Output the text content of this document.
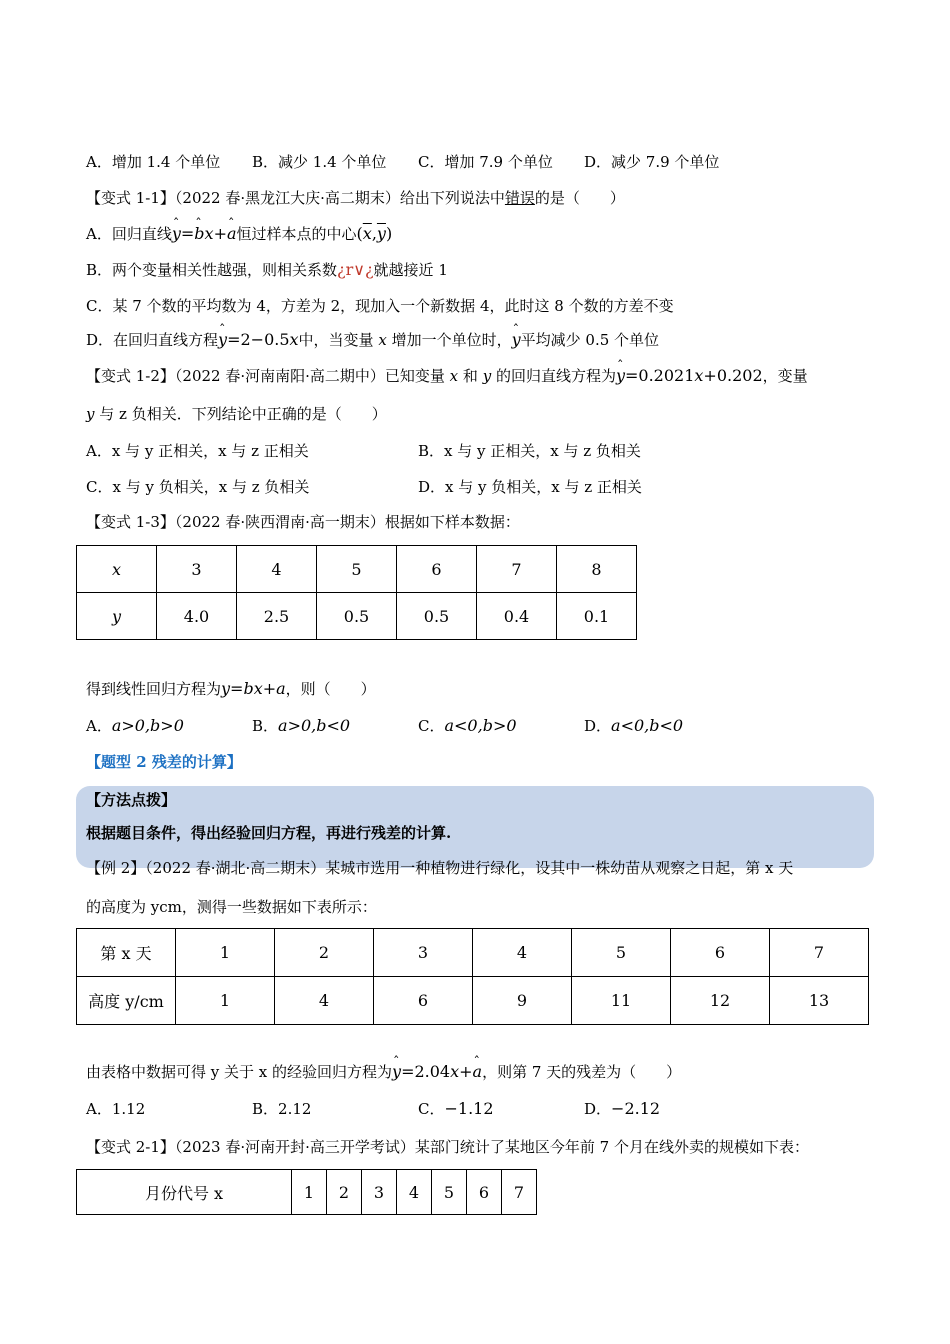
A．增加 1.4 个单位 B．减少 1.4 个单位 C．增加 7.9 个单位 D．减少 7.9 个单位
【变式 1-1】（2022 春·黑龙江大庆·高二期末）给出下列说法中错误的是（　　）
A．回归直线y ˆ=b ˆx+a ˆ恒过样本点的中心$(\overline{x},\overline{y})$
B．两个变量相关性越强，则相关系数¿r∨¿就越接近 1
C．某 7 个数的平均数为 4，方差为 2，现加入一个新数据 4，此时这 8 个数的方差不变
D．在回归直线方程y ˆ=2−0.5x中，当变量 x 增加一个单位时，y ˆ平均减少 0.5 个单位
【变式 1-2】（2022 春·河南南阳·高二期中）已知变量 x 和 y 的回归直线方程为y ˆ=0.2021x+0.202，变量
y 与 z 负相关．下列结论中正确的是（　　）
A．x 与 y 正相关，x 与 z 正相关	B．x 与 y 正相关，x 与 z 负相关
C．x 与 y 负相关，x 与 z 负相关	D．x 与 y 负相关，x 与 z 正相关
【变式 1-3】（2022 春·陕西渭南·高一期末）根据如下样本数据：
x	3	4	5	6	7	8
y	4.0	2.5	0.5	0.5	0.4	0.1
得到线性回归方程为y=bx+a，则（　　）
A．a>0,b>0	B．a>0,b<0	C．a<0,b>0	D．a<0,b<0
【题型 2 残差的计算】
【方法点拨】
根据题目条件，得出经验回归方程，再进行残差的计算.
【例 2】（2022 春·湖北·高二期末）某城市选用一种植物进行绿化，设其中一株幼苗从观察之日起，第 x 天
的高度为 ycm，测得一些数据如下表所示：
第 x 天	1	2	3	4	5	6	7
高度 y/cm	1	4	6	9	11	12	13
由表格中数据可得 y 关于 x 的经验回归方程为y ˆ=2.04x+a ˆ，则第 7 天的残差为（　　）
A．1.12	B．2.12	C．−1.12	D．−2.12
【变式 2-1】（2023 春·河南开封·高三开学考试）某部门统计了某地区今年前 7 个月在线外卖的规模如下表：
月份代号 x	1	2	3	4	5	6	7
